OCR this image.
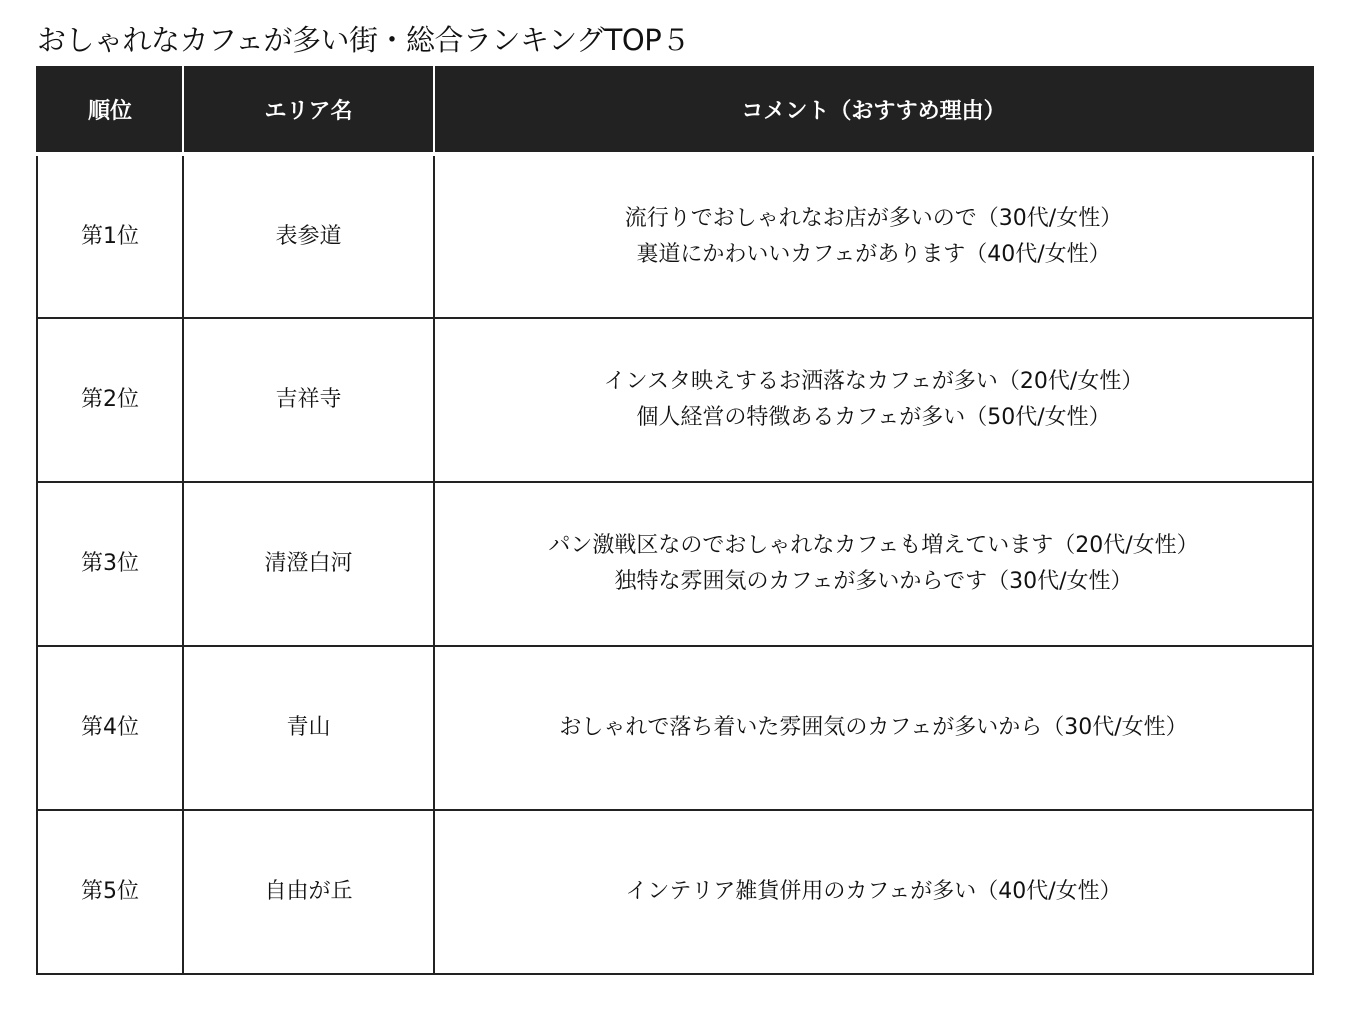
おしゃれなカフェが多い街・総合ランキングTOP５
順位	エリア名	コメント（おすすめ理由）
第1位	表参道	流行りでおしゃれなお店が多いので（30代/女性）
裏道にかわいいカフェがあります（40代/女性）

第2位	吉祥寺	インスタ映えするお洒落なカフェが多い（20代/女性）
個人経営の特徴あるカフェが多い（50代/女性）

第3位	清澄白河	パン激戦区なのでおしゃれなカフェも増えています（20代/女性）
独特な雰囲気のカフェが多いからです（30代/女性）

第4位	青山	おしゃれで落ち着いた雰囲気のカフェが多いから（30代/女性）

第5位	自由が丘	インテリア雑貨併用のカフェが多い（40代/女性）
